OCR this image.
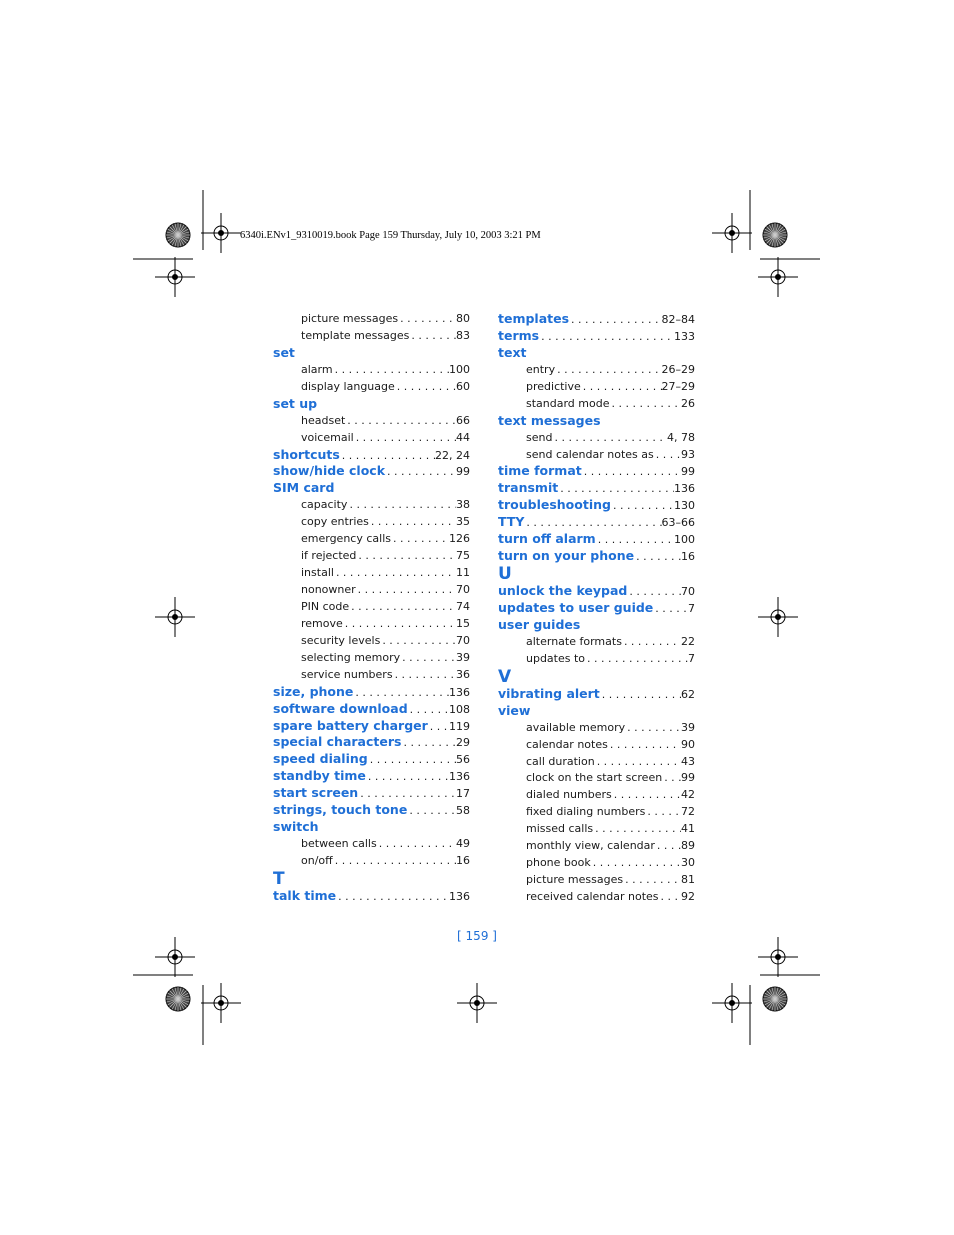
6340i.ENv1_9310019.book Page 159 Thursday, July 10, 2003 3:21 PM
picture messages . . .	80
template messages . . .	83
set
alarm . . .	100
display language . . .	60
set up
headset . . .	66
voicemail . . .	44
shortcuts . . .	22, 24
show/hide clock . . .	99
SIM card
capacity . . .	38
copy entries . . .	35
emergency calls . . .	126
if rejected . . .	75
install . . .	11
nonowner . . .	70
PIN code . . .	74
remove . . .	15
security levels . . .	70
selecting memory . . .	39
service numbers . . .	36
size, phone . . .	136
software download . . .	108
spare battery charger . . . 119
special characters . . .	29
speed dialing . . .	56
standby time . . .	136
start screen . . .	17
strings, touch tone . . .	58
switch
between calls . . .	49
on/off . . .	16
T
talk time . . .	136
templates . . .	82–84
terms . . .	133
text
entry . . .	26–29
predictive . . .	27–29
standard mode . . .	26
text messages
send . . .	4, 78
send calendar notes as . . . 93
time format . . .	99
transmit . . .	136
troubleshooting . . .	130
TTY . . .	63–66
turn off alarm . . .	100
turn on your phone . . .	16
U
unlock the keypad . . .	70
updates to user guide . . .	7
user guides
alternate formats . . .	22
updates to . . .	7
V
vibrating alert . . .	62
view
available memory . . .	39
calendar notes . . .	90
call duration . . .	43
clock on the start screen . . . 99
dialed numbers . . .	42
fixed dialing numbers . . .	72
missed calls . . .	41
monthly view, calendar . . . 89
phone book . . .	30
picture messages . . .	81
received calendar notes . . . 92
[ 159 ]
